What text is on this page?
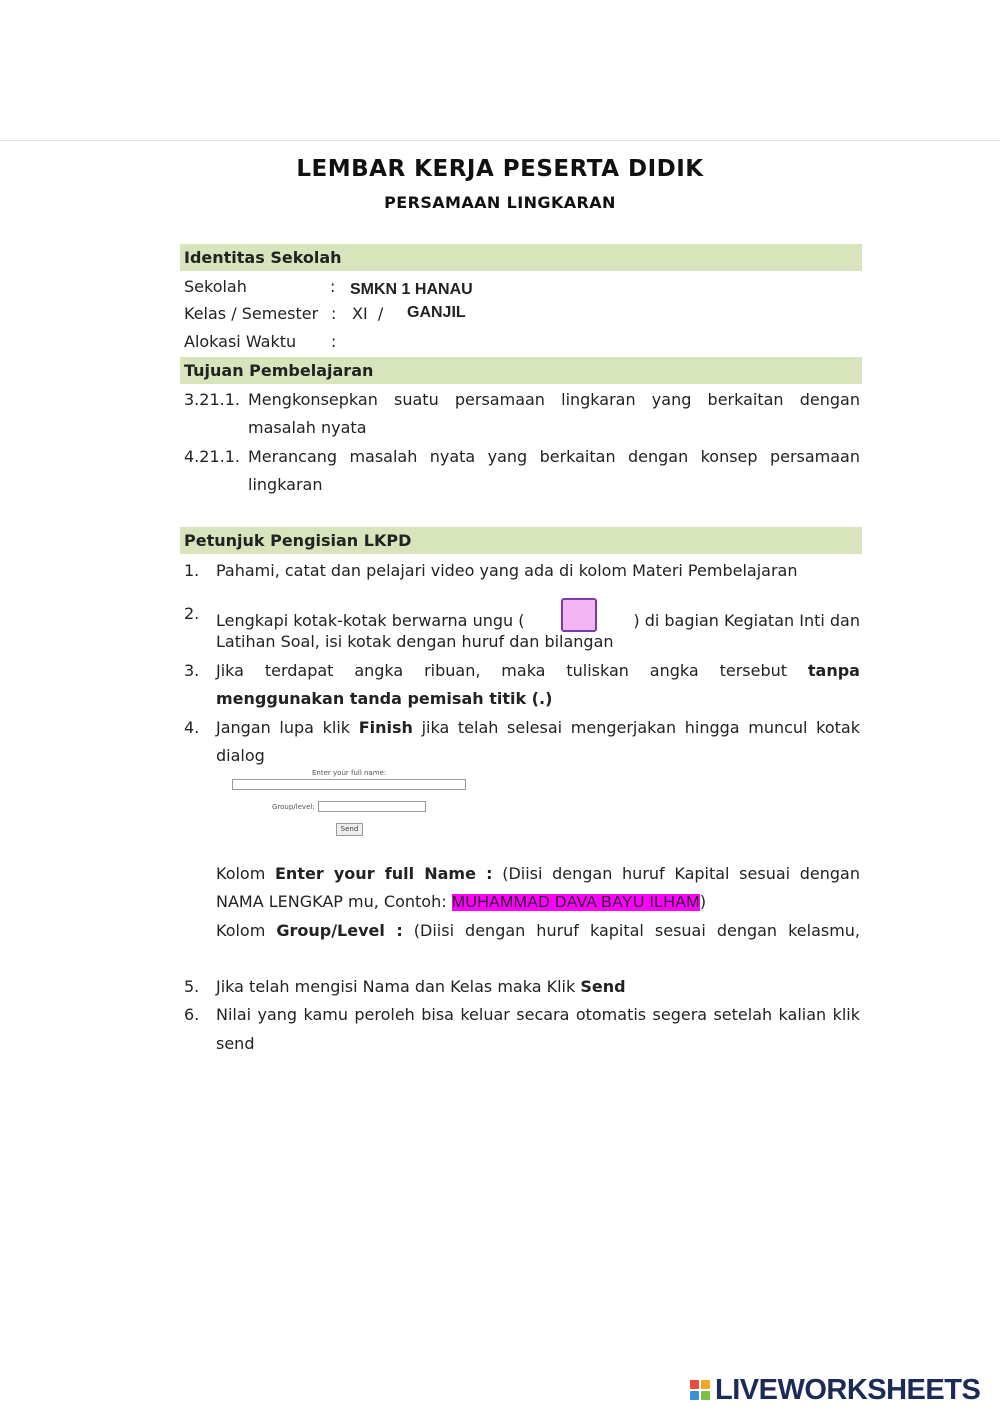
LEMBAR KERJA PESERTA DIDIK
PERSAMAAN LINGKARAN
Identitas Sekolah
Sekolah	: SMKN 1 HANAU
Kelas / Semester : XI  / GANJIL
Alokasi Waktu :
Tujuan Pembelajaran
3.21.1. Mengkonsepkan suatu persamaan lingkaran yang berkaitan dengan
masalah nyata
4.21.1. Merancang masalah nyata yang berkaitan dengan konsep persamaan
lingkaran
Petunjuk Pengisian LKPD
1. Pahami, catat dan pelajari video yang ada di kolom Materi Pembelajaran
2. Lengkapi kotak-kotak berwarna ungu (	) di bagian Kegiatan Inti dan
Latihan Soal, isi kotak dengan huruf dan bilangan
3. Jika terdapat angka ribuan, maka tuliskan angka tersebut tanpa
menggunakan tanda pemisah titik (.)
4. Jangan lupa klik Finish jika telah selesai mengerjakan hingga muncul kotak
dialog
Enter your full name:
Group/level:
Send
Kolom Enter your full Name : (Diisi dengan huruf Kapital sesuai dengan
NAMA LENGKAP mu, Contoh: MUHAMMAD DAVA BAYU ILHAM)
Kolom Group/Level : (Diisi dengan huruf kapital sesuai dengan kelasmu,
5. Jika telah mengisi Nama dan Kelas maka Klik Send
6. Nilai yang kamu peroleh bisa keluar secara otomatis segera setelah kalian klik
send
LIVEWORKSHEETS
